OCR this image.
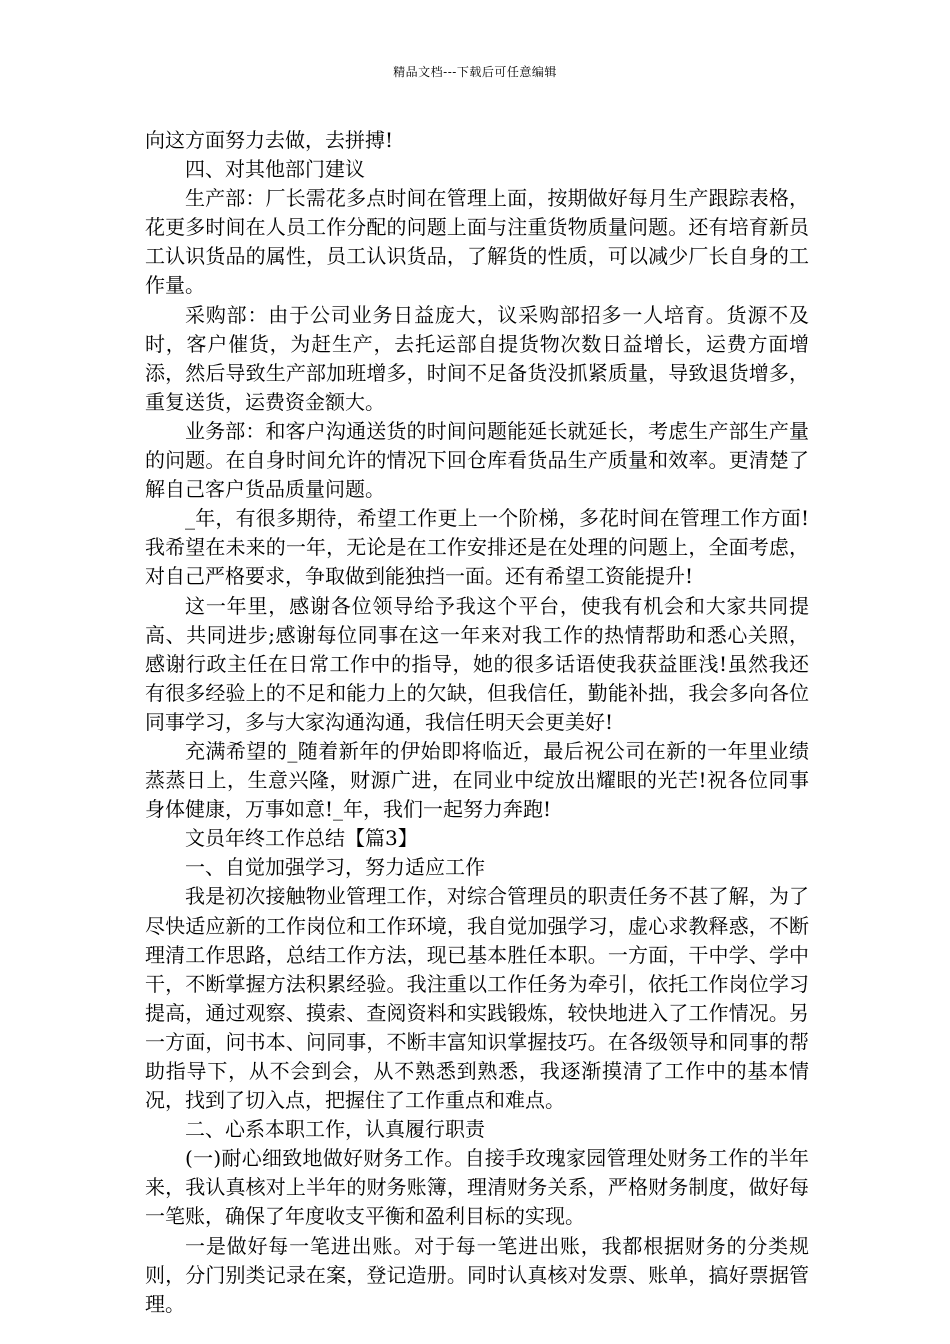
精品文档---下载后可任意编辑

向这方面努力去做，去拼搏!

四、对其他部门建议

生产部：厂长需花多点时间在管理上面，按期做好每月生产跟踪表格，花更多时间在人员工作分配的问题上面与注重货物质量问题。还有培育新员工认识货品的属性，员工认识货品，了解货的性质，可以减少厂长自身的工作量。

采购部：由于公司业务日益庞大，议采购部招多一人培育。货源不及时，客户催货，为赶生产，去托运部自提货物次数日益增长，运费方面增添，然后导致生产部加班增多，时间不足备货没抓紧质量，导致退货增多，重复送货，运费资金额大。

业务部：和客户沟通送货的时间问题能延长就延长，考虑生产部生产量的问题。在自身时间允许的情况下回仓库看货品生产质量和效率。更清楚了解自己客户货品质量问题。

_年，有很多期待，希望工作更上一个阶梯，多花时间在管理工作方面!我希望在未来的一年，无论是在工作安排还是在处理的问题上，全面考虑，对自己严格要求，争取做到能独挡一面。还有希望工资能提升!

这一年里，感谢各位领导给予我这个平台，使我有机会和大家共同提高、共同进步;感谢每位同事在这一年来对我工作的热情帮助和悉心关照，感谢行政主任在日常工作中的指导，她的很多话语使我获益匪浅!虽然我还有很多经验上的不足和能力上的欠缺，但我信任，勤能补拙，我会多向各位同事学习，多与大家沟通沟通，我信任明天会更美好!

充满希望的_随着新年的伊始即将临近，最后祝公司在新的一年里业绩蒸蒸日上，生意兴隆，财源广进，在同业中绽放出耀眼的光芒!祝各位同事身体健康，万事如意!_年，我们一起努力奔跑!

文员年终工作总结【篇3】

一、自觉加强学习，努力适应工作

我是初次接触物业管理工作，对综合管理员的职责任务不甚了解，为了尽快适应新的工作岗位和工作环境，我自觉加强学习，虚心求教释惑，不断理清工作思路，总结工作方法，现已基本胜任本职。一方面，干中学、学中干，不断掌握方法积累经验。我注重以工作任务为牵引，依托工作岗位学习提高，通过观察、摸索、查阅资料和实践锻炼，较快地进入了工作情况。另一方面，问书本、问同事，不断丰富知识掌握技巧。在各级领导和同事的帮助指导下，从不会到会，从不熟悉到熟悉，我逐渐摸清了工作中的基本情况，找到了切入点，把握住了工作重点和难点。

二、心系本职工作，认真履行职责

(一)耐心细致地做好财务工作。自接手玫瑰家园管理处财务工作的半年来，我认真核对上半年的财务账簿，理清财务关系，严格财务制度，做好每一笔账，确保了年度收支平衡和盈利目标的实现。

一是做好每一笔进出账。对于每一笔进出账，我都根据财务的分类规则，分门别类记录在案，登记造册。同时认真核对发票、账单，搞好票据管理。
